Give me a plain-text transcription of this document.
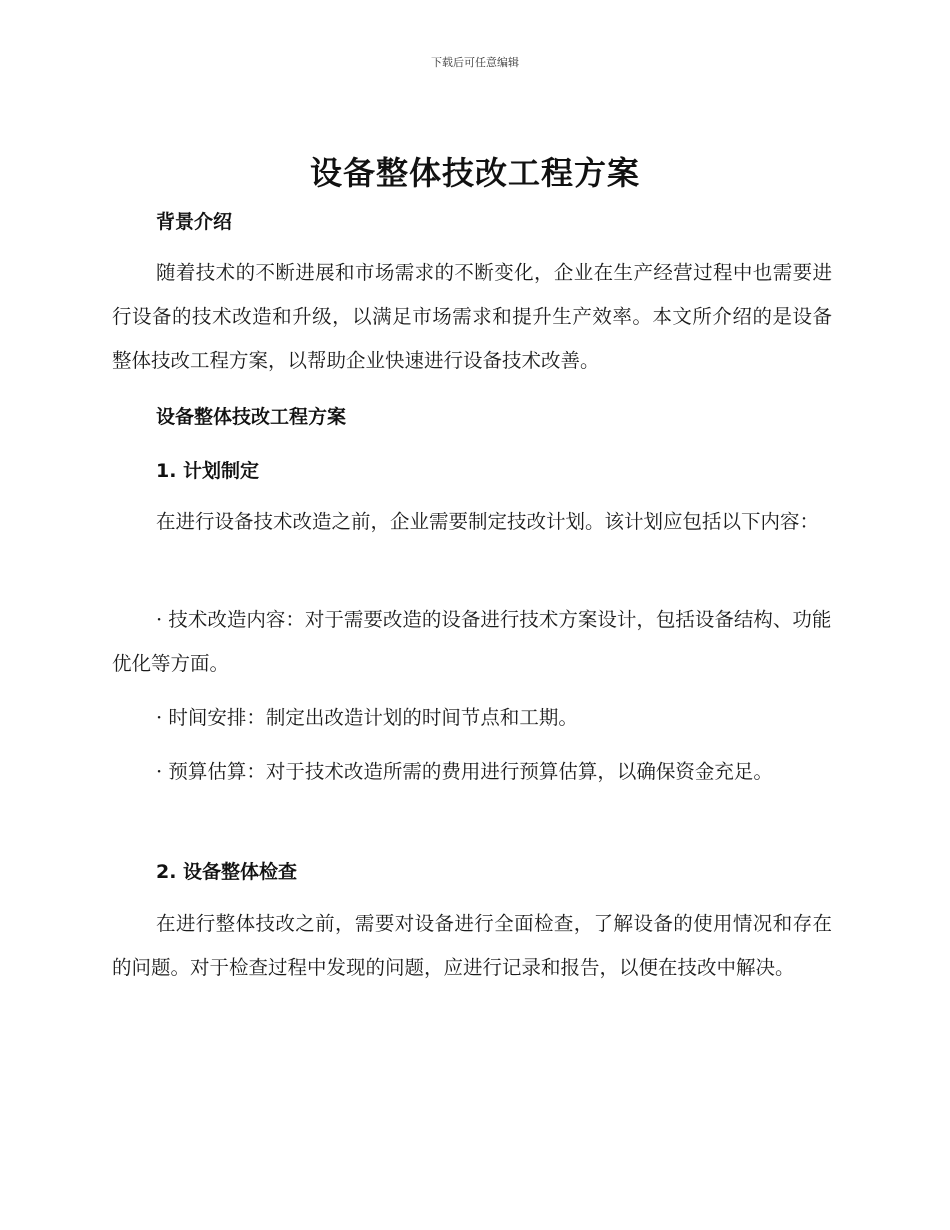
下载后可任意编辑
设备整体技改工程方案
背景介绍
随着技术的不断进展和市场需求的不断变化，企业在生产经营过程中也需要进行设备的技术改造和升级，以满足市场需求和提升生产效率。本文所介绍的是设备整体技改工程方案，以帮助企业快速进行设备技术改善。
设备整体技改工程方案
1. 计划制定
在进行设备技术改造之前，企业需要制定技改计划。该计划应包括以下内容：
· 技术改造内容：对于需要改造的设备进行技术方案设计，包括设备结构、功能优化等方面。
· 时间安排：制定出改造计划的时间节点和工期。
· 预算估算：对于技术改造所需的费用进行预算估算，以确保资金充足。
2. 设备整体检查
在进行整体技改之前，需要对设备进行全面检查，了解设备的使用情况和存在的问题。对于检查过程中发现的问题，应进行记录和报告，以便在技改中解决。
